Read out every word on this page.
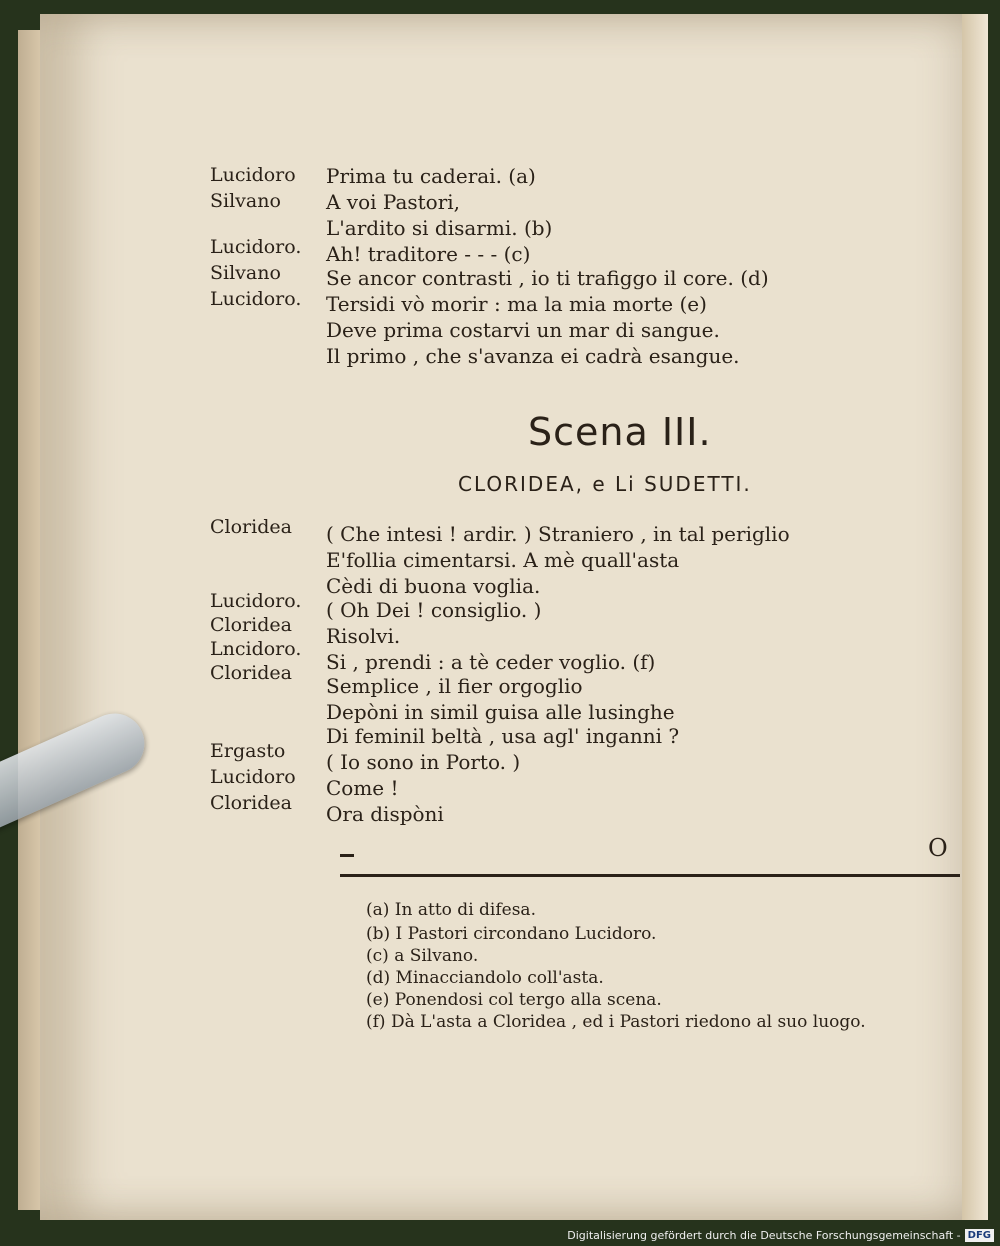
Lucidoro Prima tu caderai. (a)
Silvano A voi Pastori,
L'ardito si disarmi. (b)
Lucidoro. Ah! traditore - - - (c)
Silvano Se ancor contrasti , io ti trafiggo il core. (d)
Lucidoro. Tersidi vò morir : ma la mia morte (e)
Deve prima costarvi un mar di sangue.
Il primo , che s'avanza ei cadrà esangue.
Scena III.
CLORIDEA, e Li SUDETTI.
Cloridea ( Che intesi ! ardir. ) Straniero , in tal periglio
E'follia cimentarsi. A mè quall'asta
Cèdi di buona voglia.
Lucidoro. ( Oh Dei ! consiglio. )
Cloridea Risolvi.
Lncidoro.
Si , prendi : a tè ceder voglio. (f)
Cloridea
Semplice , il fier orgoglio
Depòni in simil guisa alle lusinghe
Di feminil beltà , usa agl' inganni ?
Ergasto ( Io sono in Porto. )
Lucidoro Come !
Cloridea Ora dispòni
O
(a) In atto di difesa.
(b) I Pastori circondano Lucidoro.
(c) a Silvano.
(d) Minacciandolo coll'asta.
(e) Ponendosi col tergo alla scena.
(f) Dà L'asta a Cloridea , ed i Pastori riedono al suo luogo.
Digitalisierung gefördert durch die Deutsche Forschungsgemeinschaft - DFG
